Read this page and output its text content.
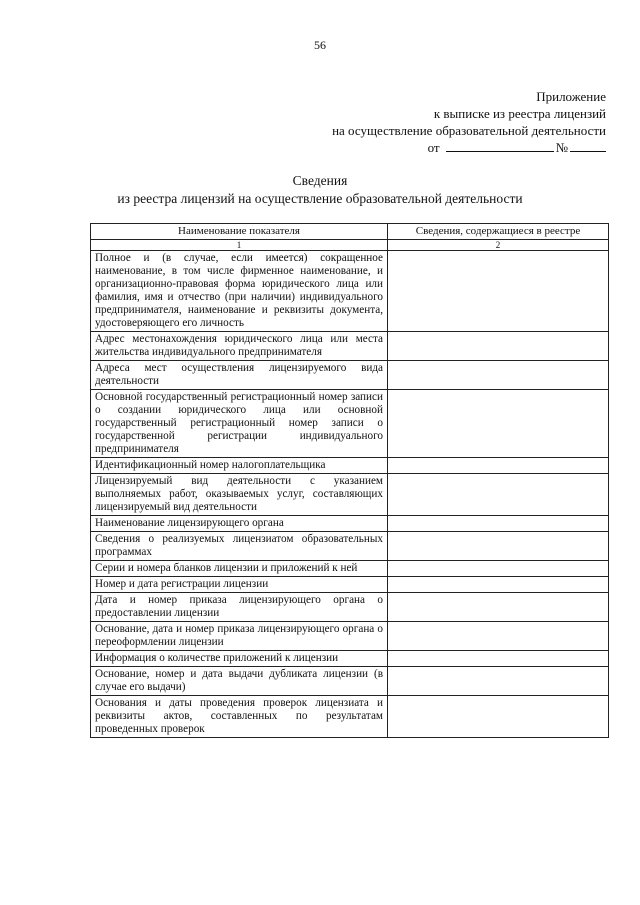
56
Приложение
к выписке из реестра лицензий
на осуществление образовательной деятельности
от	№
Сведения
из реестра лицензий на осуществление образовательной деятельности
Наименование показателя	Сведения, содержащиеся в реестре
1	2
Полное и (в случае, если имеется) сокращенное наименование, в том числе фирменное наименование, и организационно-правовая форма юридического лица или фамилия, имя и отчество (при наличии) индивидуального предпринимателя, наименование и реквизиты документа, удостоверяющего его личность	
Адрес местонахождения юридического лица или места жительства индивидуального предпринимателя	
Адреса мест осуществления лицензируемого вида деятельности	
Основной государственный регистрационный номер записи о создании юридического лица или основной государственный регистрационный номер записи о государственной регистрации индивидуального предпринимателя	
Идентификационный номер налогоплательщика	
Лицензируемый вид деятельности с указанием выполняемых работ, оказываемых услуг, составляющих лицензируемый вид деятельности	
Наименование лицензирующего органа	
Сведения о реализуемых лицензиатом образовательных программах	
Серии и номера бланков лицензии и приложений к ней	
Номер и дата регистрации лицензии	
Дата и номер приказа лицензирующего органа о предоставлении лицензии	
Основание, дата и номер приказа лицензирующего органа о переоформлении лицензии	
Информация о количестве приложений к лицензии	
Основание, номер и дата выдачи дубликата лицензии (в случае его выдачи)	
Основания и даты проведения проверок лицензиата и реквизиты актов, составленных по результатам проведенных проверок	
